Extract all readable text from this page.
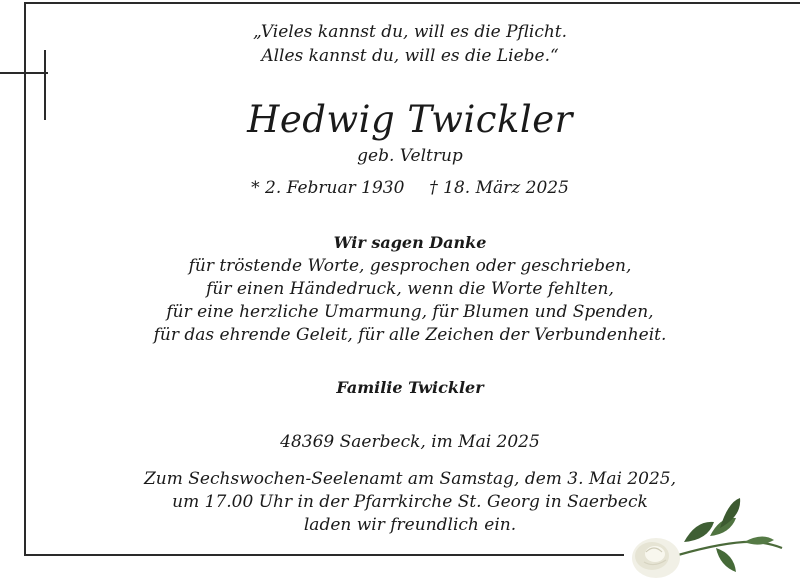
„Vieles kannst du, will es die Pflicht.
Alles kannst du, will es die Liebe.“
Hedwig Twickler
geb. Veltrup
* 2. Februar 1930 † 18. März 2025
Wir sagen Danke
für tröstende Worte, gesprochen oder geschrieben,
für einen Händedruck, wenn die Worte fehlten,
für eine herzliche Umarmung, für Blumen und Spenden,
für das ehrende Geleit, für alle Zeichen der Verbundenheit.
Familie Twickler
48369 Saerbeck, im Mai 2025
Zum Sechswochen-Seelenamt am Samstag, dem 3. Mai 2025,
um 17.00 Uhr in der Pfarrkirche St. Georg in Saerbeck
laden wir freundlich ein.
